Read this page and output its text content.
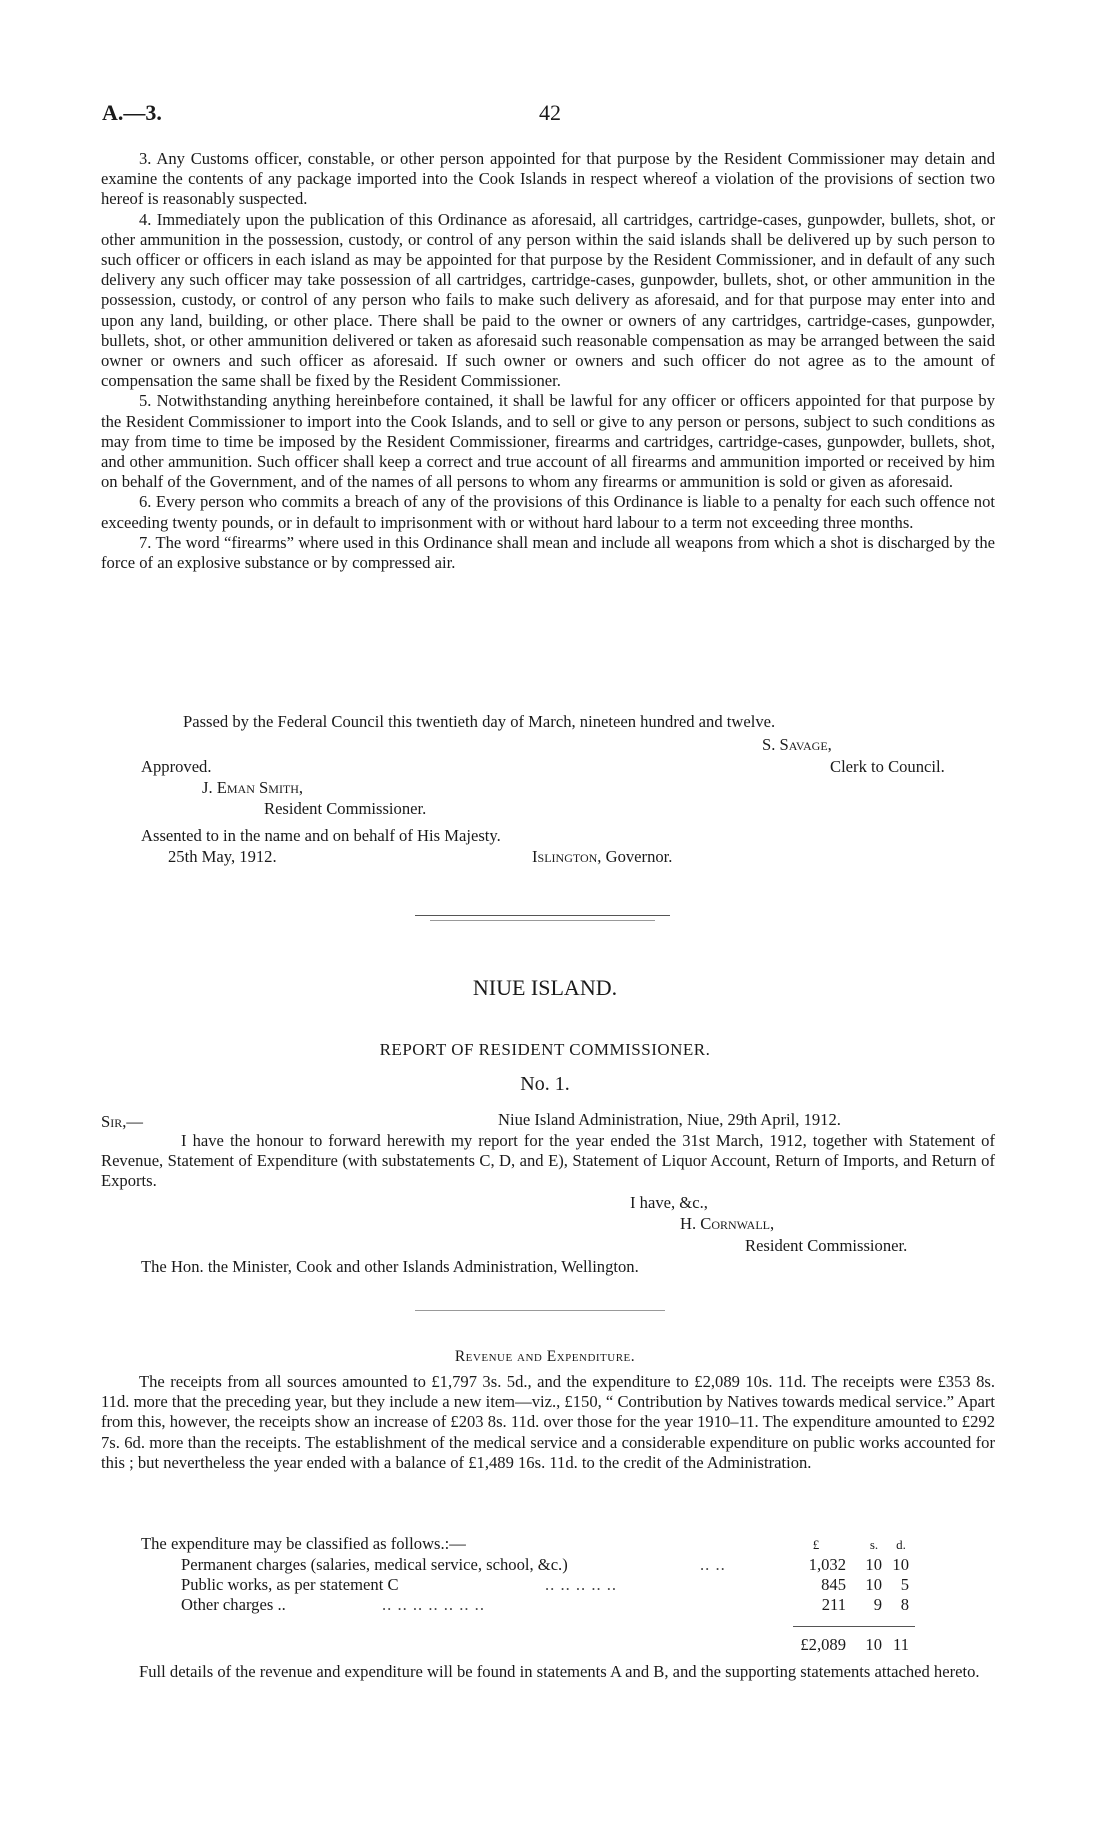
A.—3.	42

3. Any Customs officer, constable, or other person appointed for that purpose by the Resident Commissioner may detain and examine the contents of any package imported into the Cook Islands in respect whereof a violation of the provisions of section two hereof is reasonably suspected.

4. Immediately upon the publication of this Ordinance as aforesaid, all cartridges, cartridge-cases, gunpowder, bullets, shot, or other ammunition in the possession, custody, or control of any person within the said islands shall be delivered up by such person to such officer or officers in each island as may be appointed for that purpose by the Resident Commissioner, and in default of any such delivery any such officer may take possession of all cartridges, cartridge-cases, gunpowder, bullets, shot, or other ammunition in the possession, custody, or control of any person who fails to make such delivery as aforesaid, and for that purpose may enter into and upon any land, building, or other place. There shall be paid to the owner or owners of any cartridges, cartridge-cases, gunpowder, bullets, shot, or other ammunition delivered or taken as aforesaid such reasonable compensation as may be arranged between the said owner or owners and such officer as aforesaid. If such owner or owners and such officer do not agree as to the amount of compensation the same shall be fixed by the Resident Commissioner.

5. Notwithstanding anything hereinbefore contained, it shall be lawful for any officer or officers appointed for that purpose by the Resident Commissioner to import into the Cook Islands, and to sell or give to any person or persons, subject to such conditions as may from time to time be imposed by the Resident Commissioner, firearms and cartridges, cartridge-cases, gunpowder, bullets, shot, and other ammunition. Such officer shall keep a correct and true account of all firearms and ammunition imported or received by him on behalf of the Government, and of the names of all persons to whom any firearms or ammunition is sold or given as aforesaid.

6. Every person who commits a breach of any of the provisions of this Ordinance is liable to a penalty for each such offence not exceeding twenty pounds, or in default to imprisonment with or without hard labour to a term not exceeding three months.

7. The word “firearms” where used in this Ordinance shall mean and include all weapons from which a shot is discharged by the force of an explosive substance or by compressed air.

Passed by the Federal Council this twentieth day of March, nineteen hundred and twelve.
S. Savage,
Approved.	Clerk to Council.
J. Eman Smith,
Resident Commissioner.
Assented to in the name and on behalf of His Majesty.
25th May, 1912.	Islington, Governor.
NIUE ISLAND.
REPORT OF RESIDENT COMMISSIONER.
No. 1.
Sir,—	Niue Island Administration, Niue, 29th April, 1912.

I have the honour to forward herewith my report for the year ended the 31st March, 1912, together with Statement of Revenue, Statement of Expenditure (with substatements C, D, and E), Statement of Liquor Account, Return of Imports, and Return of Exports.

I have, &c.,
H. Cornwall,
Resident Commissioner.
The Hon. the Minister, Cook and other Islands Administration, Wellington.
Revenue and Expenditure.

The receipts from all sources amounted to £1,797 3s. 5d., and the expenditure to £2,089 10s. 11d. The receipts were £353 8s. 11d. more that the preceding year, but they include a new item—viz., £150, “ Contribution by Natives towards medical service.” Apart from this, however, the receipts show an increase of £203 8s. 11d. over those for the year 1910–11. The expenditure amounted to £292 7s. 6d. more than the receipts. The establishment of the medical service and a considerable expenditure on public works accounted for this ; but nevertheless the year ended with a balance of £1,489 16s. 11d. to the credit of the Administration.

The expenditure may be classified as follows.:—	£	s. d.
Permanent charges (salaries, medical service, school, &c.)	.. ..	1,032	10 10
Public works, as per statement C	.. .. .. .. ..	845	10	5
Other charges ..	.. .. .. .. .. .. ..	211	9	8
£2,089	10 11

Full details of the revenue and expenditure will be found in statements A and B, and the supporting statements attached hereto.
